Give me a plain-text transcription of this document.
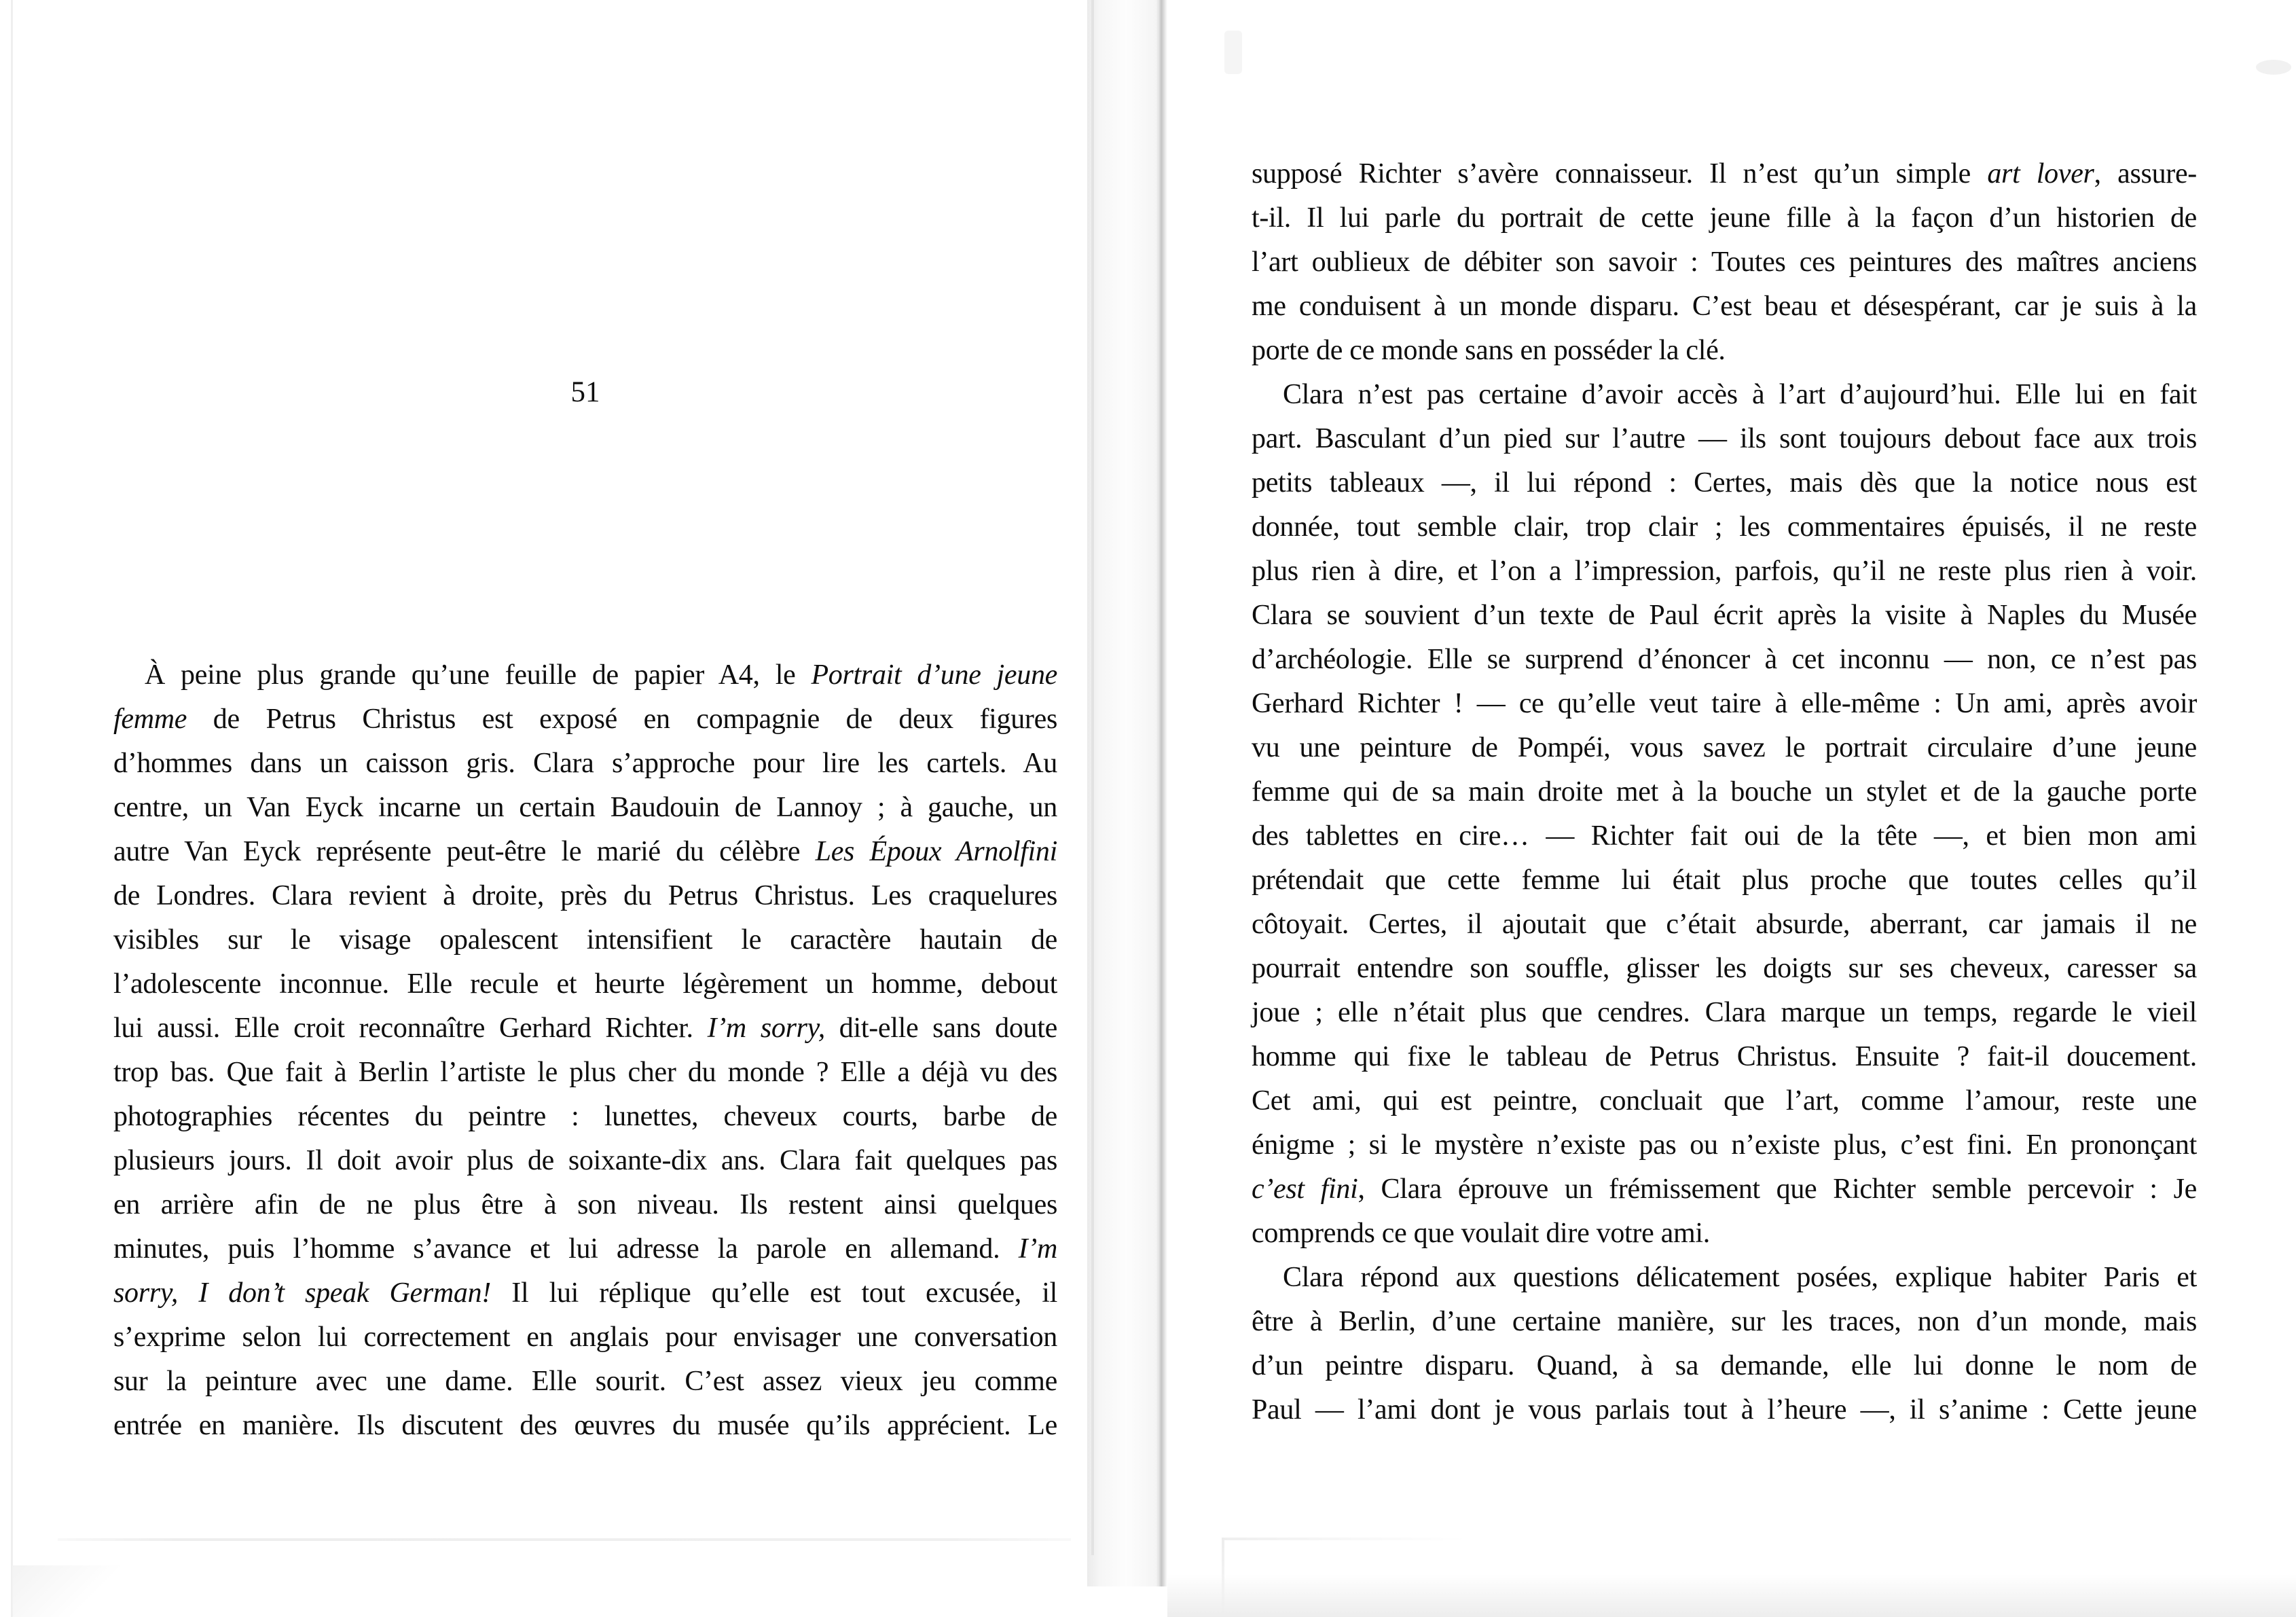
51
À peine plus grande qu’une feuille de papier A4, le Portrait d’une jeune
femme de Petrus Christus est exposé en compagnie de deux figures
d’hommes dans un caisson gris. Clara s’approche pour lire les cartels. Au
centre, un Van Eyck incarne un certain Baudouin de Lannoy ; à gauche, un
autre Van Eyck représente peut-être le marié du célèbre Les Époux Arnolfini
de Londres. Clara revient à droite, près du Petrus Christus. Les craquelures
visibles sur le visage opalescent intensifient le caractère hautain de
l’adolescente inconnue. Elle recule et heurte légèrement un homme, debout
lui aussi. Elle croit reconnaître Gerhard Richter. I’m sorry, dit-elle sans doute
trop bas. Que fait à Berlin l’artiste le plus cher du monde ? Elle a déjà vu des
photographies récentes du peintre : lunettes, cheveux courts, barbe de
plusieurs jours. Il doit avoir plus de soixante-dix ans. Clara fait quelques pas
en arrière afin de ne plus être à son niveau. Ils restent ainsi quelques
minutes, puis l’homme s’avance et lui adresse la parole en allemand. I’m
sorry, I don’t speak German! Il lui réplique qu’elle est tout excusée, il
s’exprime selon lui correctement en anglais pour envisager une conversation
sur la peinture avec une dame. Elle sourit. C’est assez vieux jeu comme
entrée en manière. Ils discutent des œuvres du musée qu’ils apprécient. Le
supposé Richter s’avère connaisseur. Il n’est qu’un simple art lover, assure-
t-il. Il lui parle du portrait de cette jeune fille à la façon d’un historien de
l’art oublieux de débiter son savoir : Toutes ces peintures des maîtres anciens
me conduisent à un monde disparu. C’est beau et désespérant, car je suis à la
porte de ce monde sans en posséder la clé.
Clara n’est pas certaine d’avoir accès à l’art d’aujourd’hui. Elle lui en fait
part. Basculant d’un pied sur l’autre — ils sont toujours debout face aux trois
petits tableaux —, il lui répond : Certes, mais dès que la notice nous est
donnée, tout semble clair, trop clair ; les commentaires épuisés, il ne reste
plus rien à dire, et l’on a l’impression, parfois, qu’il ne reste plus rien à voir.
Clara se souvient d’un texte de Paul écrit après la visite à Naples du Musée
d’archéologie. Elle se surprend d’énoncer à cet inconnu — non, ce n’est pas
Gerhard Richter ! — ce qu’elle veut taire à elle-même : Un ami, après avoir
vu une peinture de Pompéi, vous savez le portrait circulaire d’une jeune
femme qui de sa main droite met à la bouche un stylet et de la gauche porte
des tablettes en cire… — Richter fait oui de la tête —, et bien mon ami
prétendait que cette femme lui était plus proche que toutes celles qu’il
côtoyait. Certes, il ajoutait que c’était absurde, aberrant, car jamais il ne
pourrait entendre son souffle, glisser les doigts sur ses cheveux, caresser sa
joue ; elle n’était plus que cendres. Clara marque un temps, regarde le vieil
homme qui fixe le tableau de Petrus Christus. Ensuite ? fait-il doucement.
Cet ami, qui est peintre, concluait que l’art, comme l’amour, reste une
énigme ; si le mystère n’existe pas ou n’existe plus, c’est fini. En prononçant
c’est fini, Clara éprouve un frémissement que Richter semble percevoir : Je
comprends ce que voulait dire votre ami.
Clara répond aux questions délicatement posées, explique habiter Paris et
être à Berlin, d’une certaine manière, sur les traces, non d’un monde, mais
d’un peintre disparu. Quand, à sa demande, elle lui donne le nom de
Paul — l’ami dont je vous parlais tout à l’heure —, il s’anime : Cette jeune
